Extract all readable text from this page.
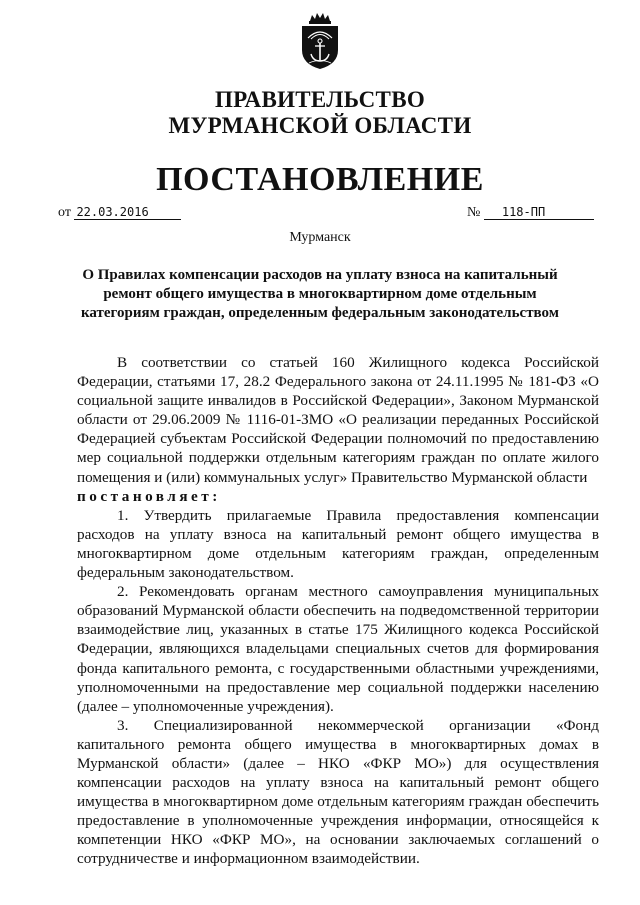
ПРАВИТЕЛЬСТВО
МУРМАНСКОЙ ОБЛАСТИ
ПОСТАНОВЛЕНИЕ
от 22.03.2016	№ 118-ПП
Мурманск
О Правилах компенсации расходов на уплату взноса на капитальный ремонт общего имущества в многоквартирном доме отдельным категориям граждан, определенным федеральным законодательством

В соответствии со статьей 160 Жилищного кодекса Российской Федерации, статьями 17, 28.2 Федерального закона от 24.11.1995 № 181-ФЗ «О социальной защите инвалидов в Российской Федерации», Законом Мурманской области от 29.06.2009 № 1116-01-ЗМО «О реализации переданных Российской Федерацией субъектам Российской Федерации полномочий по предоставлению мер социальной поддержки отдельным категориям граждан по оплате жилого помещения и (или) коммунальных услуг» Правительство Мурманской области

постановляет:

1. Утвердить прилагаемые Правила предоставления компенсации расходов на уплату взноса на капитальный ремонт общего имущества в многоквартирном доме отдельным категориям граждан, определенным федеральным законодательством.

2. Рекомендовать органам местного самоуправления муниципальных образований Мурманской области обеспечить на подведомственной территории взаимодействие лиц, указанных в статье 175 Жилищного кодекса Российской Федерации, являющихся владельцами специальных счетов для формирования фонда капитального ремонта, с государственными областными учреждениями, уполномоченными на предоставление мер социальной поддержки населению (далее – уполномоченные учреждения).

3. Специализированной некоммерческой организации «Фонд капитального ремонта общего имущества в многоквартирных домах в Мурманской области» (далее – НКО «ФКР МО») для осуществления компенсации расходов на уплату взноса на капитальный ремонт общего имущества в многоквартирном доме отдельным категориям граждан обеспечить предоставление в уполномоченные учреждения информации, относящейся к компетенции НКО «ФКР МО», на основании заключаемых соглашений о сотрудничестве и информационном взаимодействии.
